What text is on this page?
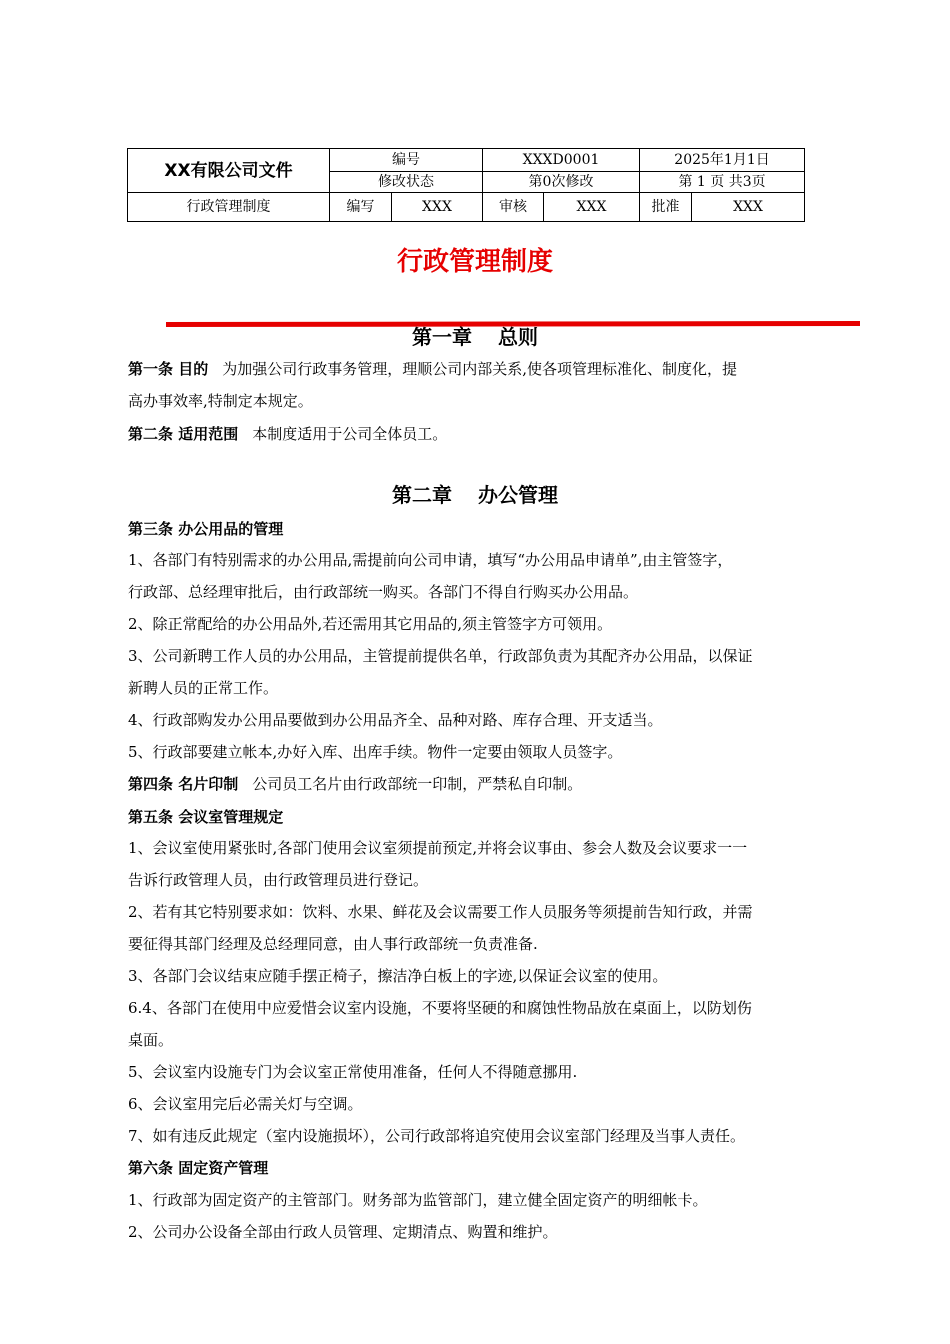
XX有限公司文件	编号		XXXD0001		2025年1月1日	
	修改状态		第0次修改		第 1 页 共3页	
行政管理制度	编写	XXX	审核	XXX	批准	XXX
行政管理制度
第一章 总则
第一条 目的 为加强公司行政事务管理，理顺公司内部关系,使各项管理标准化、制度化，提
高办事效率,特制定本规定。
第二条 适用范围 本制度适用于公司全体员工。
第二章 办公管理
第三条 办公用品的管理
1、各部门有特别需求的办公用品,需提前向公司申请，填写“办公用品申请单”,由主管签字，
行政部、总经理审批后，由行政部统一购买。各部门不得自行购买办公用品。
2、除正常配给的办公用品外,若还需用其它用品的,须主管签字方可领用。
3、公司新聘工作人员的办公用品，主管提前提供名单，行政部负责为其配齐办公用品，以保证
新聘人员的正常工作。
4、行政部购发办公用品要做到办公用品齐全、品种对路、库存合理、开支适当。
5、行政部要建立帐本,办好入库、出库手续。物件一定要由领取人员签字。
第四条 名片印制 公司员工名片由行政部统一印制，严禁私自印制。
第五条 会议室管理规定
1、会议室使用紧张时,各部门使用会议室须提前预定,并将会议事由、参会人数及会议要求一一
告诉行政管理人员，由行政管理员进行登记。
2、若有其它特别要求如：饮料、水果、鲜花及会议需要工作人员服务等须提前告知行政，并需
要征得其部门经理及总经理同意，由人事行政部统一负责准备.
3、各部门会议结束应随手摆正椅子，擦洁净白板上的字迹,以保证会议室的使用。
6.4、各部门在使用中应爱惜会议室内设施，不要将坚硬的和腐蚀性物品放在桌面上，以防划伤
桌面。
5、会议室内设施专门为会议室正常使用准备，任何人不得随意挪用.
6、会议室用完后必需关灯与空调。
7、如有违反此规定（室内设施损坏），公司行政部将追究使用会议室部门经理及当事人责任。
第六条 固定资产管理
1、行政部为固定资产的主管部门。财务部为监管部门，建立健全固定资产的明细帐卡。
2、公司办公设备全部由行政人员管理、定期清点、购置和维护。
